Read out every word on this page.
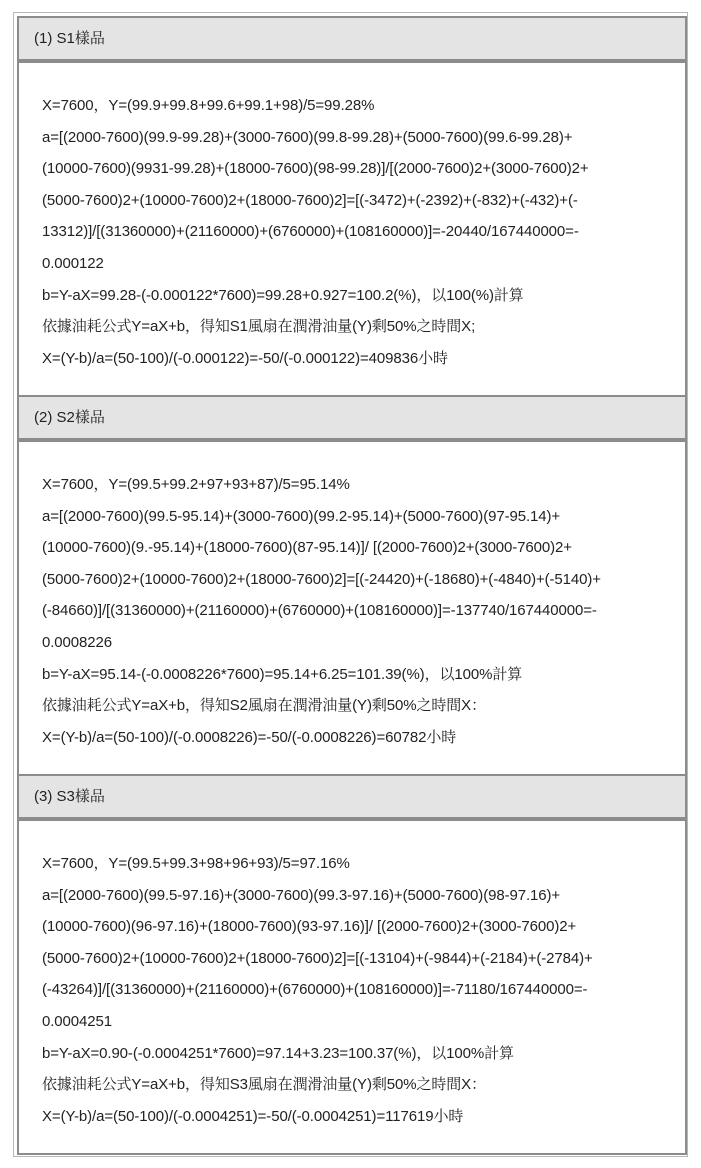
(1) S1樣品
X=7600，Y=(99.9+99.8+99.6+99.1+98)/5=99.28%
a=[(2000-7600)(99.9-99.28)+(3000-7600)(99.8-99.28)+(5000-7600)(99.6-99.28)+
(10000-7600)(9931-99.28)+(18000-7600)(98-99.28)]/[(2000-7600)2+(3000-7600)2+
(5000-7600)2+(10000-7600)2+(18000-7600)2]=[(-3472)+(-2392)+(-832)+(-432)+(-
13312)]/[(31360000)+(21160000)+(6760000)+(108160000)]=-20440/167440000=-
0.000122
b=Y-aX=99.28-(-0.000122*7600)=99.28+0.927=100.2(%)，以100(%)計算
依據油耗公式Y=aX+b，得知S1風扇在潤滑油量(Y)剩50%之時間X;
X=(Y-b)/a=(50-100)/(-0.000122)=-50/(-0.000122)=409836小時
(2) S2樣品
X=7600，Y=(99.5+99.2+97+93+87)/5=95.14%
a=[(2000-7600)(99.5-95.14)+(3000-7600)(99.2-95.14)+(5000-7600)(97-95.14)+
(10000-7600)(9.-95.14)+(18000-7600)(87-95.14)]/ [(2000-7600)2+(3000-7600)2+
(5000-7600)2+(10000-7600)2+(18000-7600)2]=[(-24420)+(-18680)+(-4840)+(-5140)+
(-84660)]/[(31360000)+(21160000)+(6760000)+(108160000)]=-137740/167440000=-
0.0008226
b=Y-aX=95.14-(-0.0008226*7600)=95.14+6.25=101.39(%)，以100%計算
依據油耗公式Y=aX+b，得知S2風扇在潤滑油量(Y)剩50%之時間X：
X=(Y-b)/a=(50-100)/(-0.0008226)=-50/(-0.0008226)=60782小時
(3) S3樣品
X=7600，Y=(99.5+99.3+98+96+93)/5=97.16%
a=[(2000-7600)(99.5-97.16)+(3000-7600)(99.3-97.16)+(5000-7600)(98-97.16)+
(10000-7600)(96-97.16)+(18000-7600)(93-97.16)]/ [(2000-7600)2+(3000-7600)2+
(5000-7600)2+(10000-7600)2+(18000-7600)2]=[(-13104)+(-9844)+(-2184)+(-2784)+
(-43264)]/[(31360000)+(21160000)+(6760000)+(108160000)]=-71180/167440000=-
0.0004251
b=Y-aX=0.90-(-0.0004251*7600)=97.14+3.23=100.37(%)，以100%計算
依據油耗公式Y=aX+b，得知S3風扇在潤滑油量(Y)剩50%之時間X：
X=(Y-b)/a=(50-100)/(-0.0004251)=-50/(-0.0004251)=117619小時
